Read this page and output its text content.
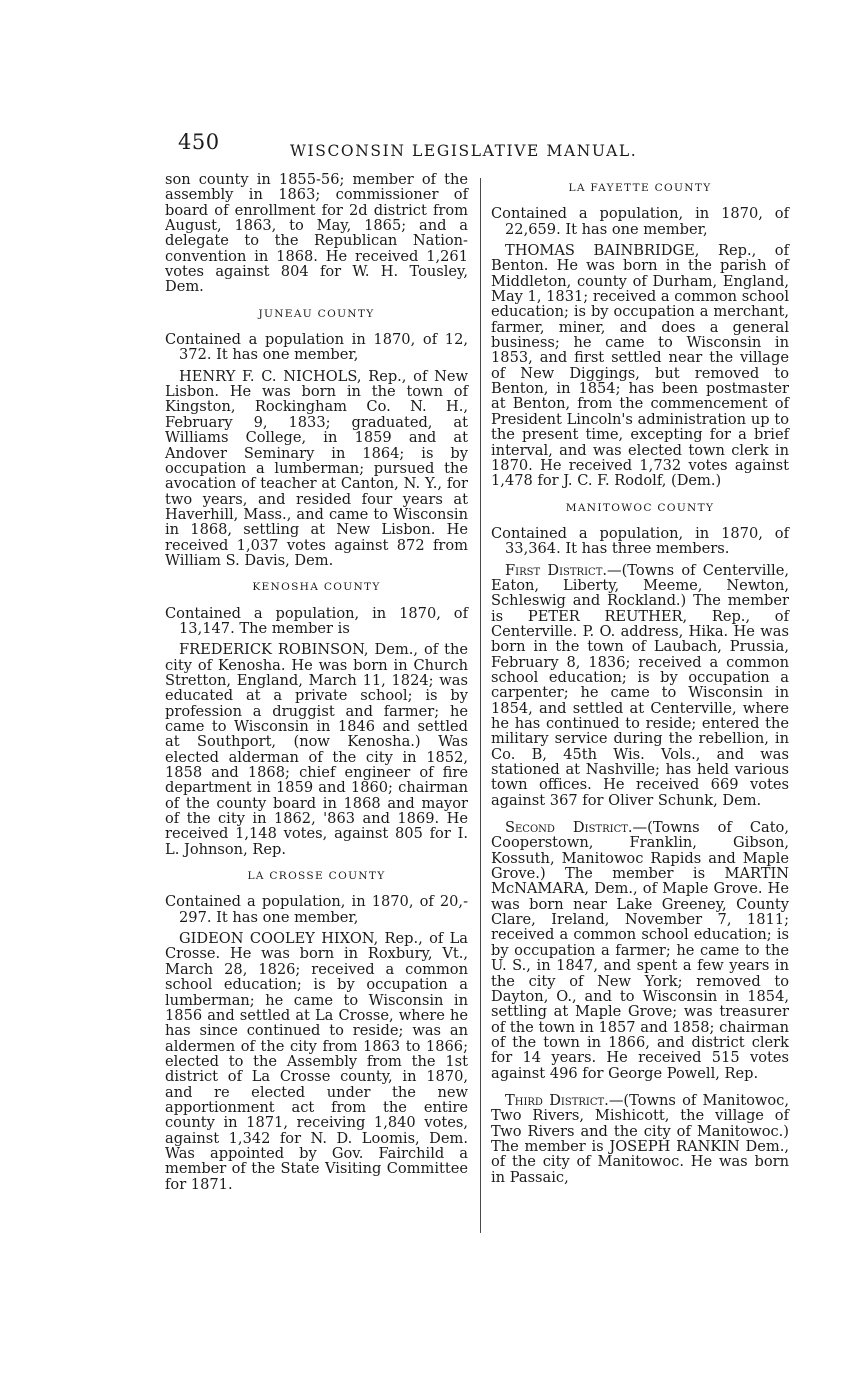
450	WISCONSIN LEGISLATIVE MANUAL.

son county in 1855-56; member of the assembly in 1863; commissioner of board of enrollment for 2d district from August, 1863, to May, 1865; and a delegate to the Republican Nation- convention in 1868. He received 1,261 votes against 804 for W. H. Tousley, Dem.

JUNEAU COUNTY

Contained a population in 1870, of 12, 372. It has one member,

HENRY F. C. NICHOLS, Rep., of New Lisbon. He was born in the town of Kingston, Rockingham Co. N. H., February 9, 1833; graduated, at Williams College, in 1859 and at Andover Seminary in 1864; is by occupation a lumberman; pursued the avocation of teacher at Canton, N. Y., for two years, and resided four years at Haverhill, Mass., and came to Wisconsin in 1868, settling at New Lisbon. He received 1,037 votes against 872 from William S. Davis, Dem.

KENOSHA COUNTY

Contained a population, in 1870, of 13,147. The member is

FREDERICK ROBINSON, Dem., of the city of Kenosha. He was born in Church Stretton, England, March 11, 1824; was educated at a private school; is by profession a druggist and farmer; he came to Wisconsin in 1846 and settled at Southport, (now Kenosha.) Was elected alderman of the city in 1852, 1858 and 1868; chief engineer of fire department in 1859 and 1860; chairman of the county board in 1868 and mayor of the city in 1862, '863 and 1869. He received 1,148 votes, against 805 for I. L. Johnson, Rep.

LA CROSSE COUNTY

Contained a population, in 1870, of 20,- 297. It has one member,

GIDEON COOLEY HIXON, Rep., of La Crosse. He was born in Roxbury, Vt., March 28, 1826; received a common school education; is by occupation a lumberman; he came to Wisconsin in 1856 and settled at La Crosse, where he has since continued to reside; was an aldermen of the city from 1863 to 1866; elected to the Assembly from the 1st district of La Crosse county, in 1870, and re elected under the new apportionment act from the entire county in 1871, receiving 1,840 votes, against 1,342 for N. D. Loomis, Dem. Was appointed by Gov. Fairchild a member of the State Visiting Committee for 1871.

LA FAYETTE COUNTY

Contained a population, in 1870, of 22,659. It has one member,

THOMAS BAINBRIDGE, Rep., of Benton. He was born in the parish of Middleton, county of Durham, England, May 1, 1831; received a common school education; is by occupation a merchant, farmer, miner, and does a general business; he came to Wisconsin in 1853, and first settled near the village of New Diggings, but removed to Benton, in 1854; has been postmaster at Benton, from the commencement of President Lincoln's administration up to the present time, excepting for a brief interval, and was elected town clerk in 1870. He received 1,732 votes against 1,478 for J. C. F. Rodolf, (Dem.)

MANITOWOC COUNTY

Contained a population, in 1870, of 33,364. It has three members.

First District.—(Towns of Centerville, Eaton, Liberty, Meeme, Newton, Schleswig and Rockland.) The member is PETER REUTHER, Rep., of Centerville. P. O. address, Hika. He was born in the town of Laubach, Prussia, February 8, 1836; received a common school education; is by occupation a carpenter; he came to Wisconsin in 1854, and settled at Centerville, where he has continued to reside; entered the military service during the rebellion, in Co. B, 45th Wis. Vols., and was stationed at Nashville; has held various town offices. He received 669 votes against 367 for Oliver Schunk, Dem.

Second District.—(Towns of Cato, Cooperstown, Franklin, Gibson, Kossuth, Manitowoc Rapids and Maple Grove.) The member is MARTIN McNAMARA, Dem., of Maple Grove. He was born near Lake Greeney, County Clare, Ireland, November 7, 1811; received a common school education; is by occupation a farmer; he came to the U. S., in 1847, and spent a few years in the city of New York; removed to Dayton, O., and to Wisconsin in 1854, settling at Maple Grove; was treasurer of the town in 1857 and 1858; chairman of the town in 1866, and district clerk for 14 years. He received 515 votes against 496 for George Powell, Rep.

Third District.—(Towns of Manitowoc, Two Rivers, Mishicott, the village of Two Rivers and the city of Manitowoc.) The member is JOSEPH RANKIN Dem., of the city of Manitowoc. He was born in Passaic,
